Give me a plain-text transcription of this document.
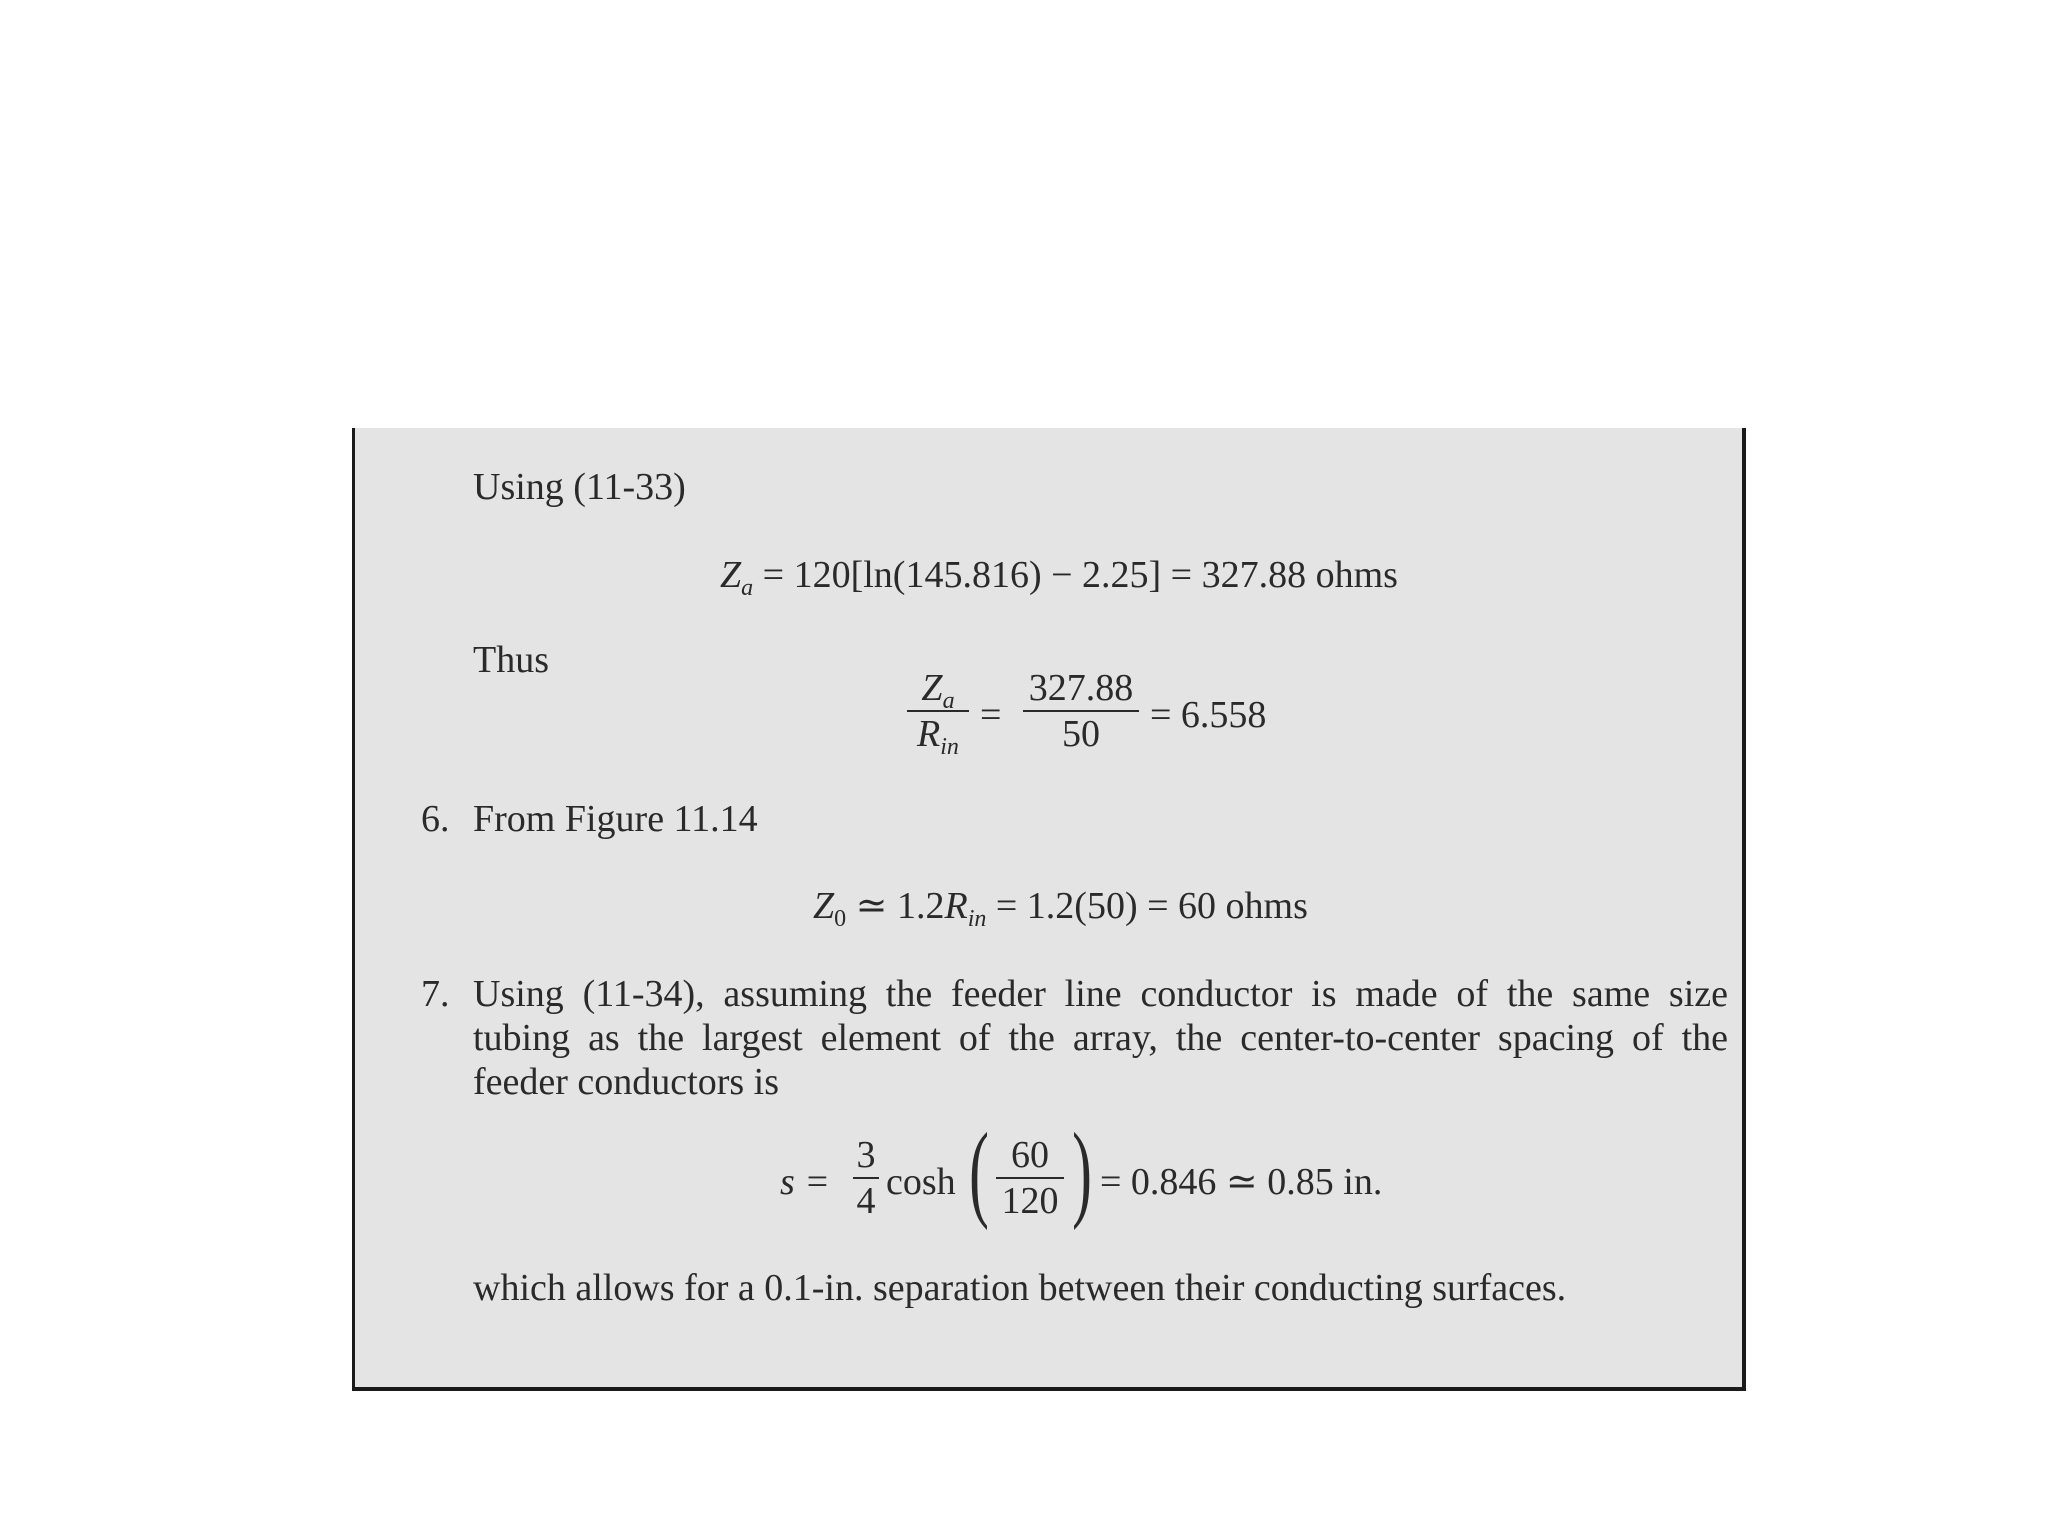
Using (11-33)
$Z_a = 120[\ln(145.816) - 2.25] = 327.88$ ohms
Thus
$Z_a$
$R_{in}$
=
327.88
50	= 6.558
6. From Figure 11.14
$Z_0$ ≃ $1.2R_{in} = 1.2(50) = 60$ ohms
7. Using (11-34), assuming the feeder line conductor is made of the same size
tubing as the largest element of the array, the center-to-center spacing of the
feeder conductors is
s =
3
4 cosh ( 60
120 ) = 0.846 ≃ 0.85 in.
which allows for a 0.1-in. separation between their conducting surfaces.
